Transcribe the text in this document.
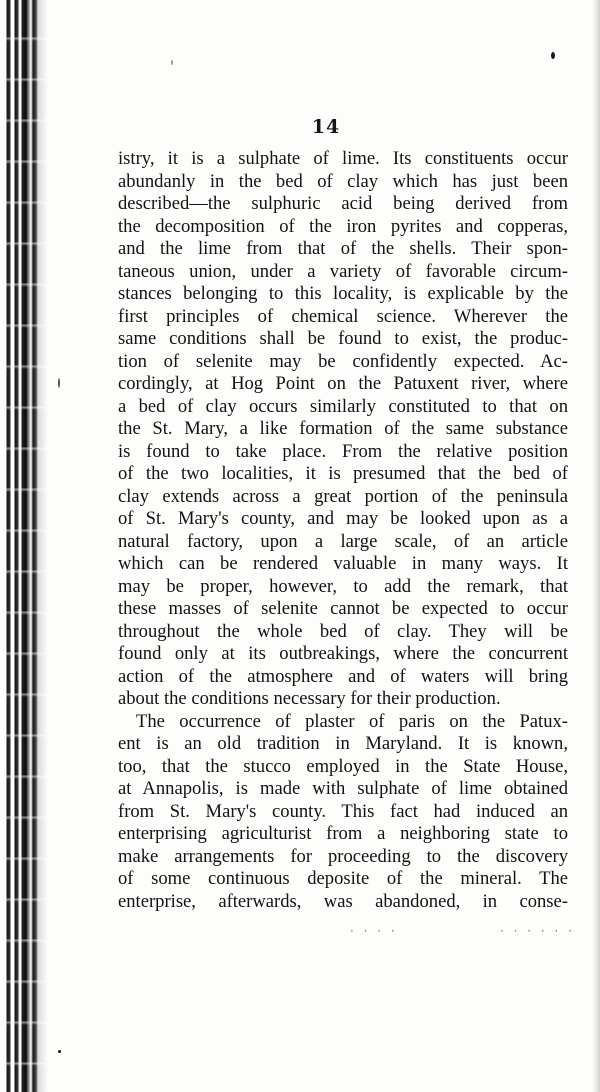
14
istry, it is a sulphate of lime. Its constituents occur
abundanly in the bed of clay which has just been
described—the sulphuric acid being derived from
the decomposition of the iron pyrites and copperas,
and the lime from that of the shells. Their spon-
taneous union, under a variety of favorable circum-
stances belonging to this locality, is explicable by the
first principles of chemical science. Wherever the
same conditions shall be found to exist, the produc-
tion of selenite may be confidently expected. Ac-
cordingly, at Hog Point on the Patuxent river, where
a bed of clay occurs similarly constituted to that on
the St. Mary, a like formation of the same substance
is found to take place. From the relative position
of the two localities, it is presumed that the bed of
clay extends across a great portion of the peninsula
of St. Mary's county, and may be looked upon as a
natural factory, upon a large scale, of an article
which can be rendered valuable in many ways. It
may be proper, however, to add the remark, that
these masses of selenite cannot be expected to occur
throughout the whole bed of clay. They will be
found only at its outbreakings, where the concurrent
action of the atmosphere and of waters will bring
about the conditions necessary for their production.
The occurrence of plaster of paris on the Patux-
ent is an old tradition in Maryland. It is known,
too, that the stucco employed in the State House,
at Annapolis, is made with sulphate of lime obtained
from St. Mary's county. This fact had induced an
enterprising agriculturist from a neighboring state to
make arrangements for proceeding to the discovery
of some continuous deposite of the mineral. The
enterprise, afterwards, was abandoned, in conse-
· · · ·	· · · · · ·
